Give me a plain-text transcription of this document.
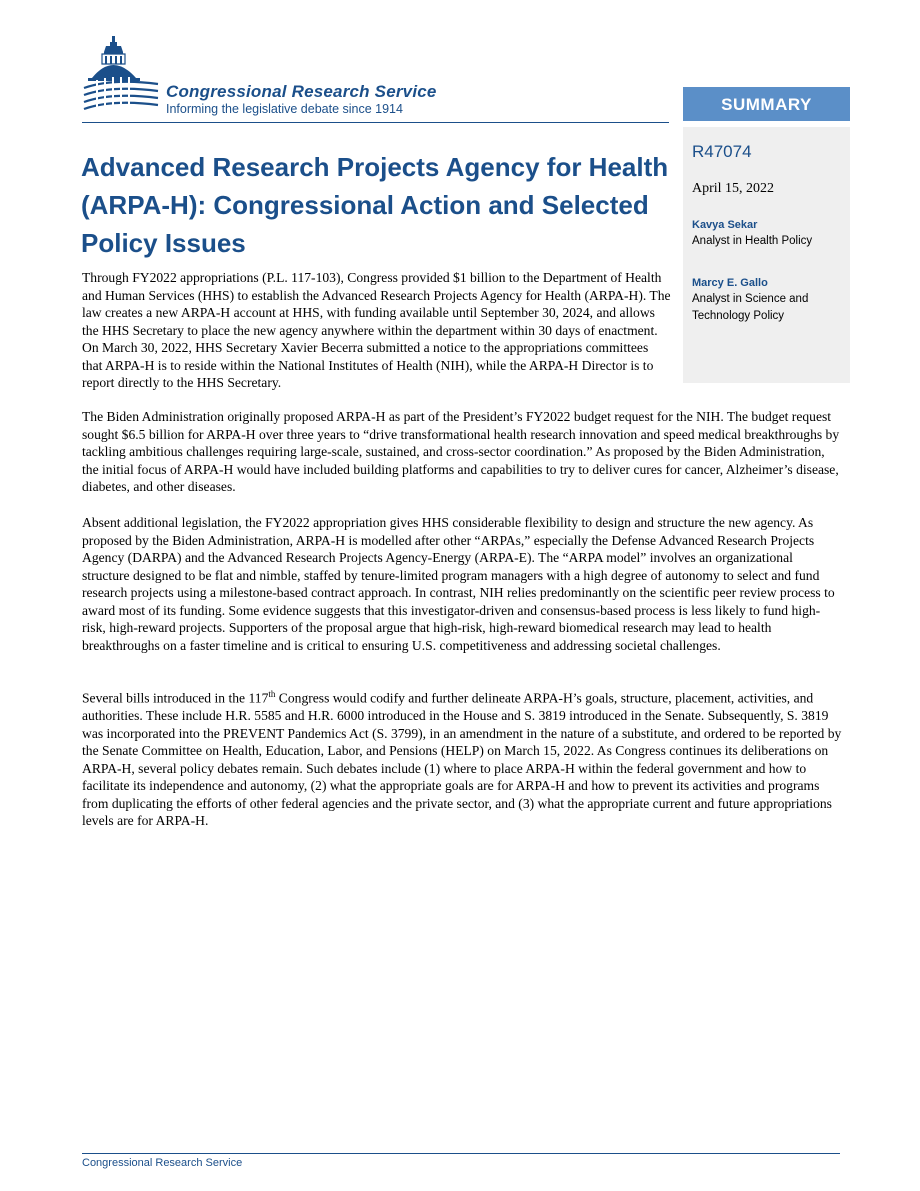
Congressional Research Service
Informing the legislative debate since 1914	SUMMARY
R47074
April 15, 2022
Kavya Sekar
Analyst in Health Policy
Marcy E. Gallo
Analyst in Science and Technology Policy
Advanced Research Projects Agency for Health (ARPA-H): Congressional Action and Selected Policy Issues

Through FY2022 appropriations (P.L. 117-103), Congress provided $1 billion to the Department of Health and Human Services (HHS) to establish the Advanced Research Projects Agency for Health (ARPA-H). The law creates a new ARPA-H account at HHS, with funding available until September 30, 2024, and allows the HHS Secretary to place the new agency anywhere within the department within 30 days of enactment. On March 30, 2022, HHS Secretary Xavier Becerra submitted a notice to the appropriations committees that ARPA-H is to reside within the National Institutes of Health (NIH), while the ARPA-H Director is to report directly to the HHS Secretary.

The Biden Administration originally proposed ARPA-H as part of the President’s FY2022 budget request for the NIH. The budget request sought $6.5 billion for ARPA-H over three years to “drive transformational health research innovation and speed medical breakthroughs by tackling ambitious challenges requiring large-scale, sustained, and cross-sector coordination.” As proposed by the Biden Administration, the initial focus of ARPA-H would have included building platforms and capabilities to try to deliver cures for cancer, Alzheimer’s disease, diabetes, and other diseases.

Absent additional legislation, the FY2022 appropriation gives HHS considerable flexibility to design and structure the new agency. As proposed by the Biden Administration, ARPA-H is modelled after other “ARPAs,” especially the Defense Advanced Research Projects Agency (DARPA) and the Advanced Research Projects Agency-Energy (ARPA-E). The “ARPA model” involves an organizational structure designed to be flat and nimble, staffed by tenure-limited program managers with a high degree of autonomy to select and fund research projects using a milestone-based contract approach. In contrast, NIH relies predominantly on the scientific peer review process to award most of its funding. Some evidence suggests that this investigator-driven and consensus-based process is less likely to fund high-risk, high-reward projects. Supporters of the proposal argue that high-risk, high-reward biomedical research may lead to health breakthroughs on a faster timeline and is critical to ensuring U.S. competitiveness and addressing societal challenges.

Several bills introduced in the 117th Congress would codify and further delineate ARPA-H’s goals, structure, placement, activities, and authorities. These include H.R. 5585 and H.R. 6000 introduced in the House and S. 3819 introduced in the Senate. Subsequently, S. 3819 was incorporated into the PREVENT Pandemics Act (S. 3799), in an amendment in the nature of a substitute, and ordered to be reported by the Senate Committee on Health, Education, Labor, and Pensions (HELP) on March 15, 2022. As Congress continues its deliberations on ARPA-H, several policy debates remain. Such debates include (1) where to place ARPA-H within the federal government and how to facilitate its independence and autonomy, (2) what the appropriate goals are for ARPA-H and how to prevent its activities and programs from duplicating the efforts of other federal agencies and the private sector, and (3) what the appropriate current and future appropriations levels are for ARPA-H.

Congressional Research Service
